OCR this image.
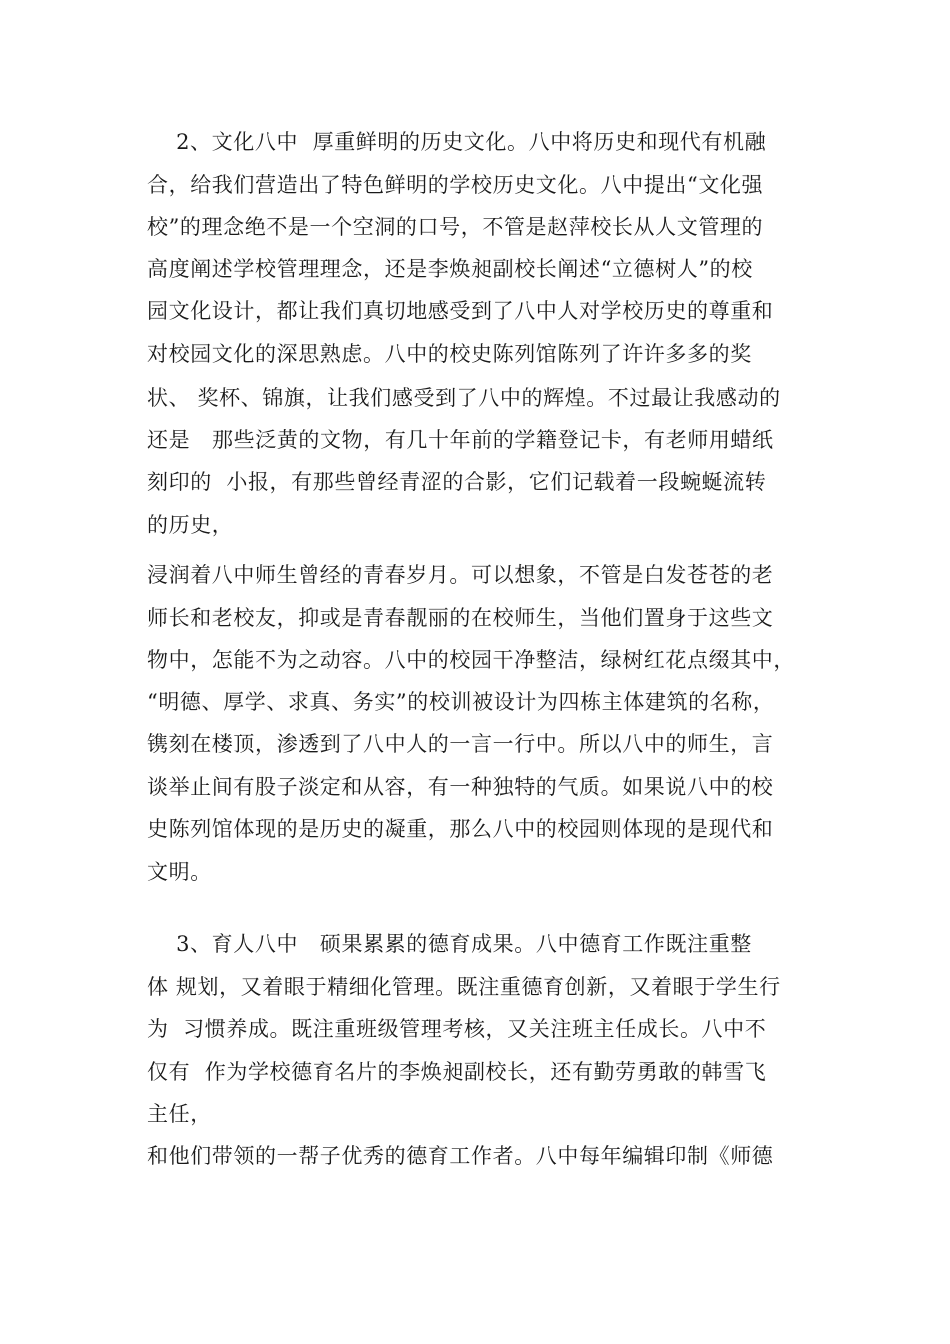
2、文化八中  厚重鲜明的历史文化。八中将历史和现代有机融

合，给我们营造出了特色鲜明的学校历史文化。八中提出“文化强

校”的理念绝不是一个空洞的口号，不管是赵萍校长从人文管理的

高度阐述学校管理理念，还是李焕昶副校长阐述“立德树人”的校

园文化设计，都让我们真切地感受到了八中人对学校历史的尊重和

对校园文化的深思熟虑。八中的校史陈列馆陈列了许许多多的奖

状、 奖杯、锦旗，让我们感受到了八中的辉煌。不过最让我感动的

还是   那些泛黄的文物，有几十年前的学籍登记卡，有老师用蜡纸

刻印的  小报，有那些曾经青涩的合影，它们记载着一段蜿蜒流转

的历史，

浸润着八中师生曾经的青春岁月。可以想象，不管是白发苍苍的老

师长和老校友，抑或是青春靓丽的在校师生，当他们置身于这些文

物中，怎能不为之动容。八中的校园干净整洁，绿树红花点缀其中，

“明德、厚学、求真、务实”的校训被设计为四栋主体建筑的名称，

镌刻在楼顶，渗透到了八中人的一言一行中。所以八中的师生，言

谈举止间有股子淡定和从容，有一种独特的气质。如果说八中的校

史陈列馆体现的是历史的凝重，那么八中的校园则体现的是现代和

文明。

3、育人八中   硕果累累的德育成果。八中德育工作既注重整

体 规划，又着眼于精细化管理。既注重德育创新，又着眼于学生行

为  习惯养成。既注重班级管理考核，又关注班主任成长。八中不

仅有  作为学校德育名片的李焕昶副校长，还有勤劳勇敢的韩雪飞

主任，

和他们带领的一帮子优秀的德育工作者。八中每年编辑印制《师德
